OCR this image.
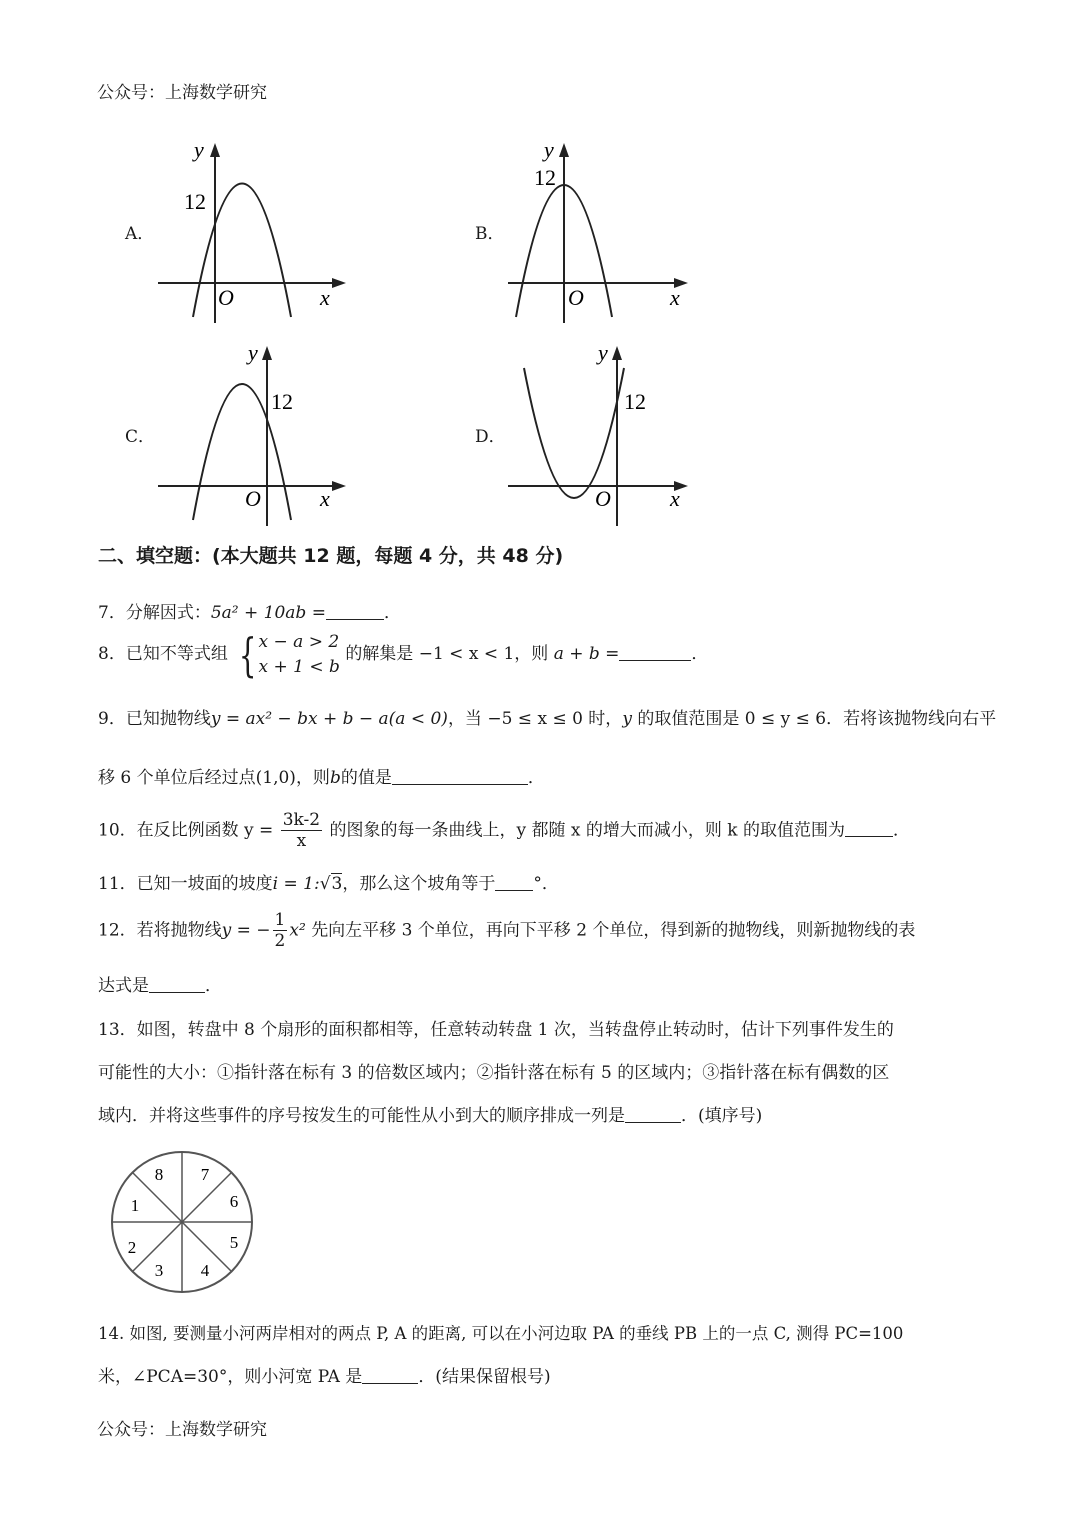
公众号：上海数学研究
A．
y
x
O
12
B．
y
x
O
12
C．
y
x
O
12
D．
y
x
O
12
二、填空题：(本大题共 12 题，每题 4 分，共 48 分)
7．分解因式：5a² + 10ab =	．
8．已知不等式组 { x − a > 2
x + 1 < b
的解集是 −1 < x < 1，则 a + b =	．
9．已知抛物线y = ax² − bx + b − a(a < 0)，当 −5 ≤ x ≤ 0 时，y 的取值范围是 0 ≤ y ≤ 6．若将该抛物线向右平
移 6 个单位后经过点(1,0)，则b的值是	．
10．在反比例函数 $y = \frac{3k-2}{x}$ 的图象的每一条曲线上，y 都随 x 的增大而减小，则 k 的取值范围为	．
11．已知一坡面的坡度i = 1:√3，那么这个坡角等于 °．
12．若将抛物线y = − $\frac{1}{2} x^2$ 先向左平移 3 个单位，再向下平移 2 个单位，得到新的抛物线，则新抛物线的表
达式是	．
13．如图，转盘中 8 个扇形的面积都相等，任意转动转盘 1 次，当转盘停止转动时，估计下列事件发生的
可能性的大小：①指针落在标有 3 的倍数区域内；②指针落在标有 5 的区域内；③指针落在标有偶数的区
域内．并将这些事件的序号按发生的可能性从小到大的顺序排成一列是	．(填序号)
8 7
6
5
4
3
2
1
14. 如图, 要测量小河两岸相对的两点 P, A 的距离, 可以在小河边取 PA 的垂线 PB 上的一点 C, 测得 PC=100
米，∠PCA=30°，则小河宽 PA 是	．(结果保留根号)
公众号：上海数学研究
